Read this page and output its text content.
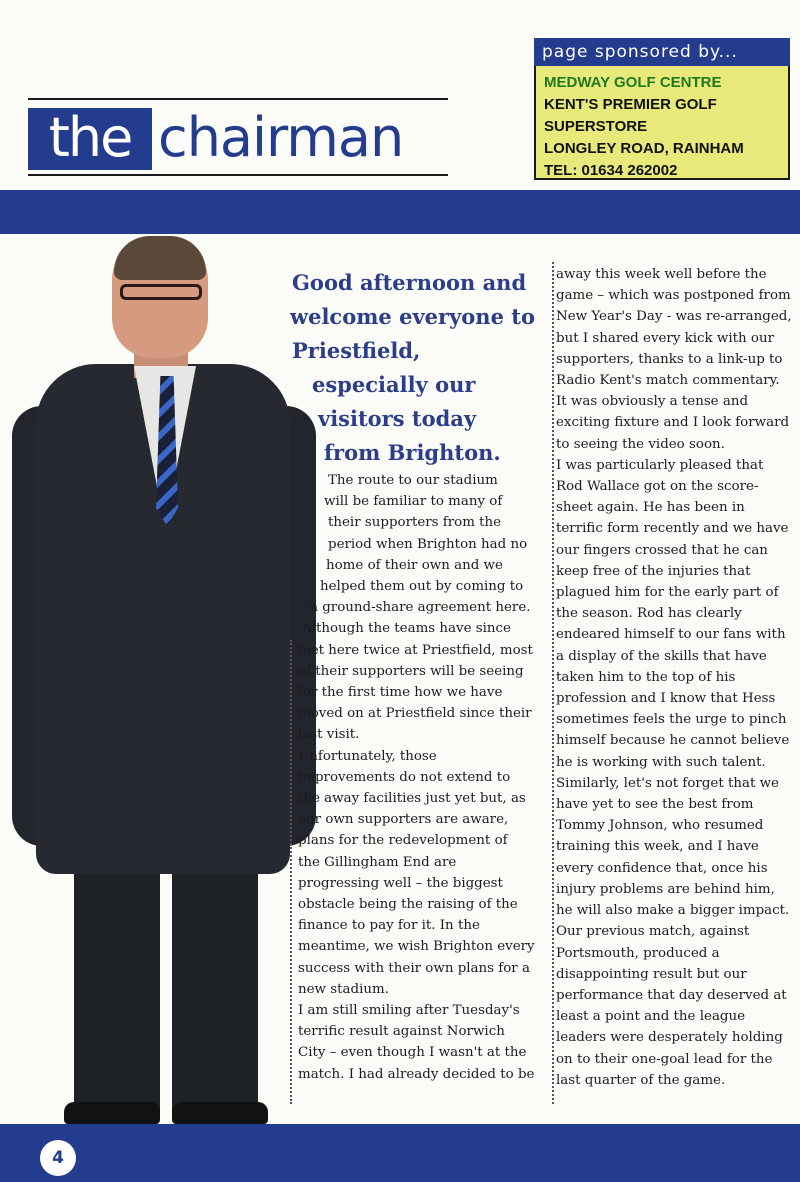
the chairman
page sponsored by...
MEDWAY GOLF CENTRE
KENT'S PREMIER GOLF SUPERSTORE
LONGLEY ROAD, RAINHAM
TEL: 01634 262002
Good afternoon and
welcome everyone to
Priestfield,
especially our
visitors today
from Brighton.
The route to our stadium
will be familiar to many of
their supporters from the
period when Brighton had no
home of their own and we
helped them out by coming to
a ground-share agreement here.
Although the teams have since
met here twice at Priestfield, most
of their supporters will be seeing
for the first time how we have
moved on at Priestfield since their
last visit.
Unfortunately, those
improvements do not extend to
the away facilities just yet but, as
our own supporters are aware,
plans for the redevelopment of
the Gillingham End are
progressing well – the biggest
obstacle being the raising of the
finance to pay for it. In the
meantime, we wish Brighton every
success with their own plans for a
new stadium.
I am still smiling after Tuesday's
terrific result against Norwich
City – even though I wasn't at the
match. I had already decided to be
away this week well before the
game – which was postponed from
New Year's Day - was re-arranged,
but I shared every kick with our
supporters, thanks to a link-up to
Radio Kent's match commentary.
It was obviously a tense and
exciting fixture and I look forward
to seeing the video soon.
I was particularly pleased that
Rod Wallace got on the score-
sheet again. He has been in
terrific form recently and we have
our fingers crossed that he can
keep free of the injuries that
plagued him for the early part of
the season. Rod has clearly
endeared himself to our fans with
a display of the skills that have
taken him to the top of his
profession and I know that Hess
sometimes feels the urge to pinch
himself because he cannot believe
he is working with such talent.
Similarly, let's not forget that we
have yet to see the best from
Tommy Johnson, who resumed
training this week, and I have
every confidence that, once his
injury problems are behind him,
he will also make a bigger impact.
Our previous match, against
Portsmouth, produced a
disappointing result but our
performance that day deserved at
least a point and the league
leaders were desperately holding
on to their one-goal lead for the
last quarter of the game.
4
